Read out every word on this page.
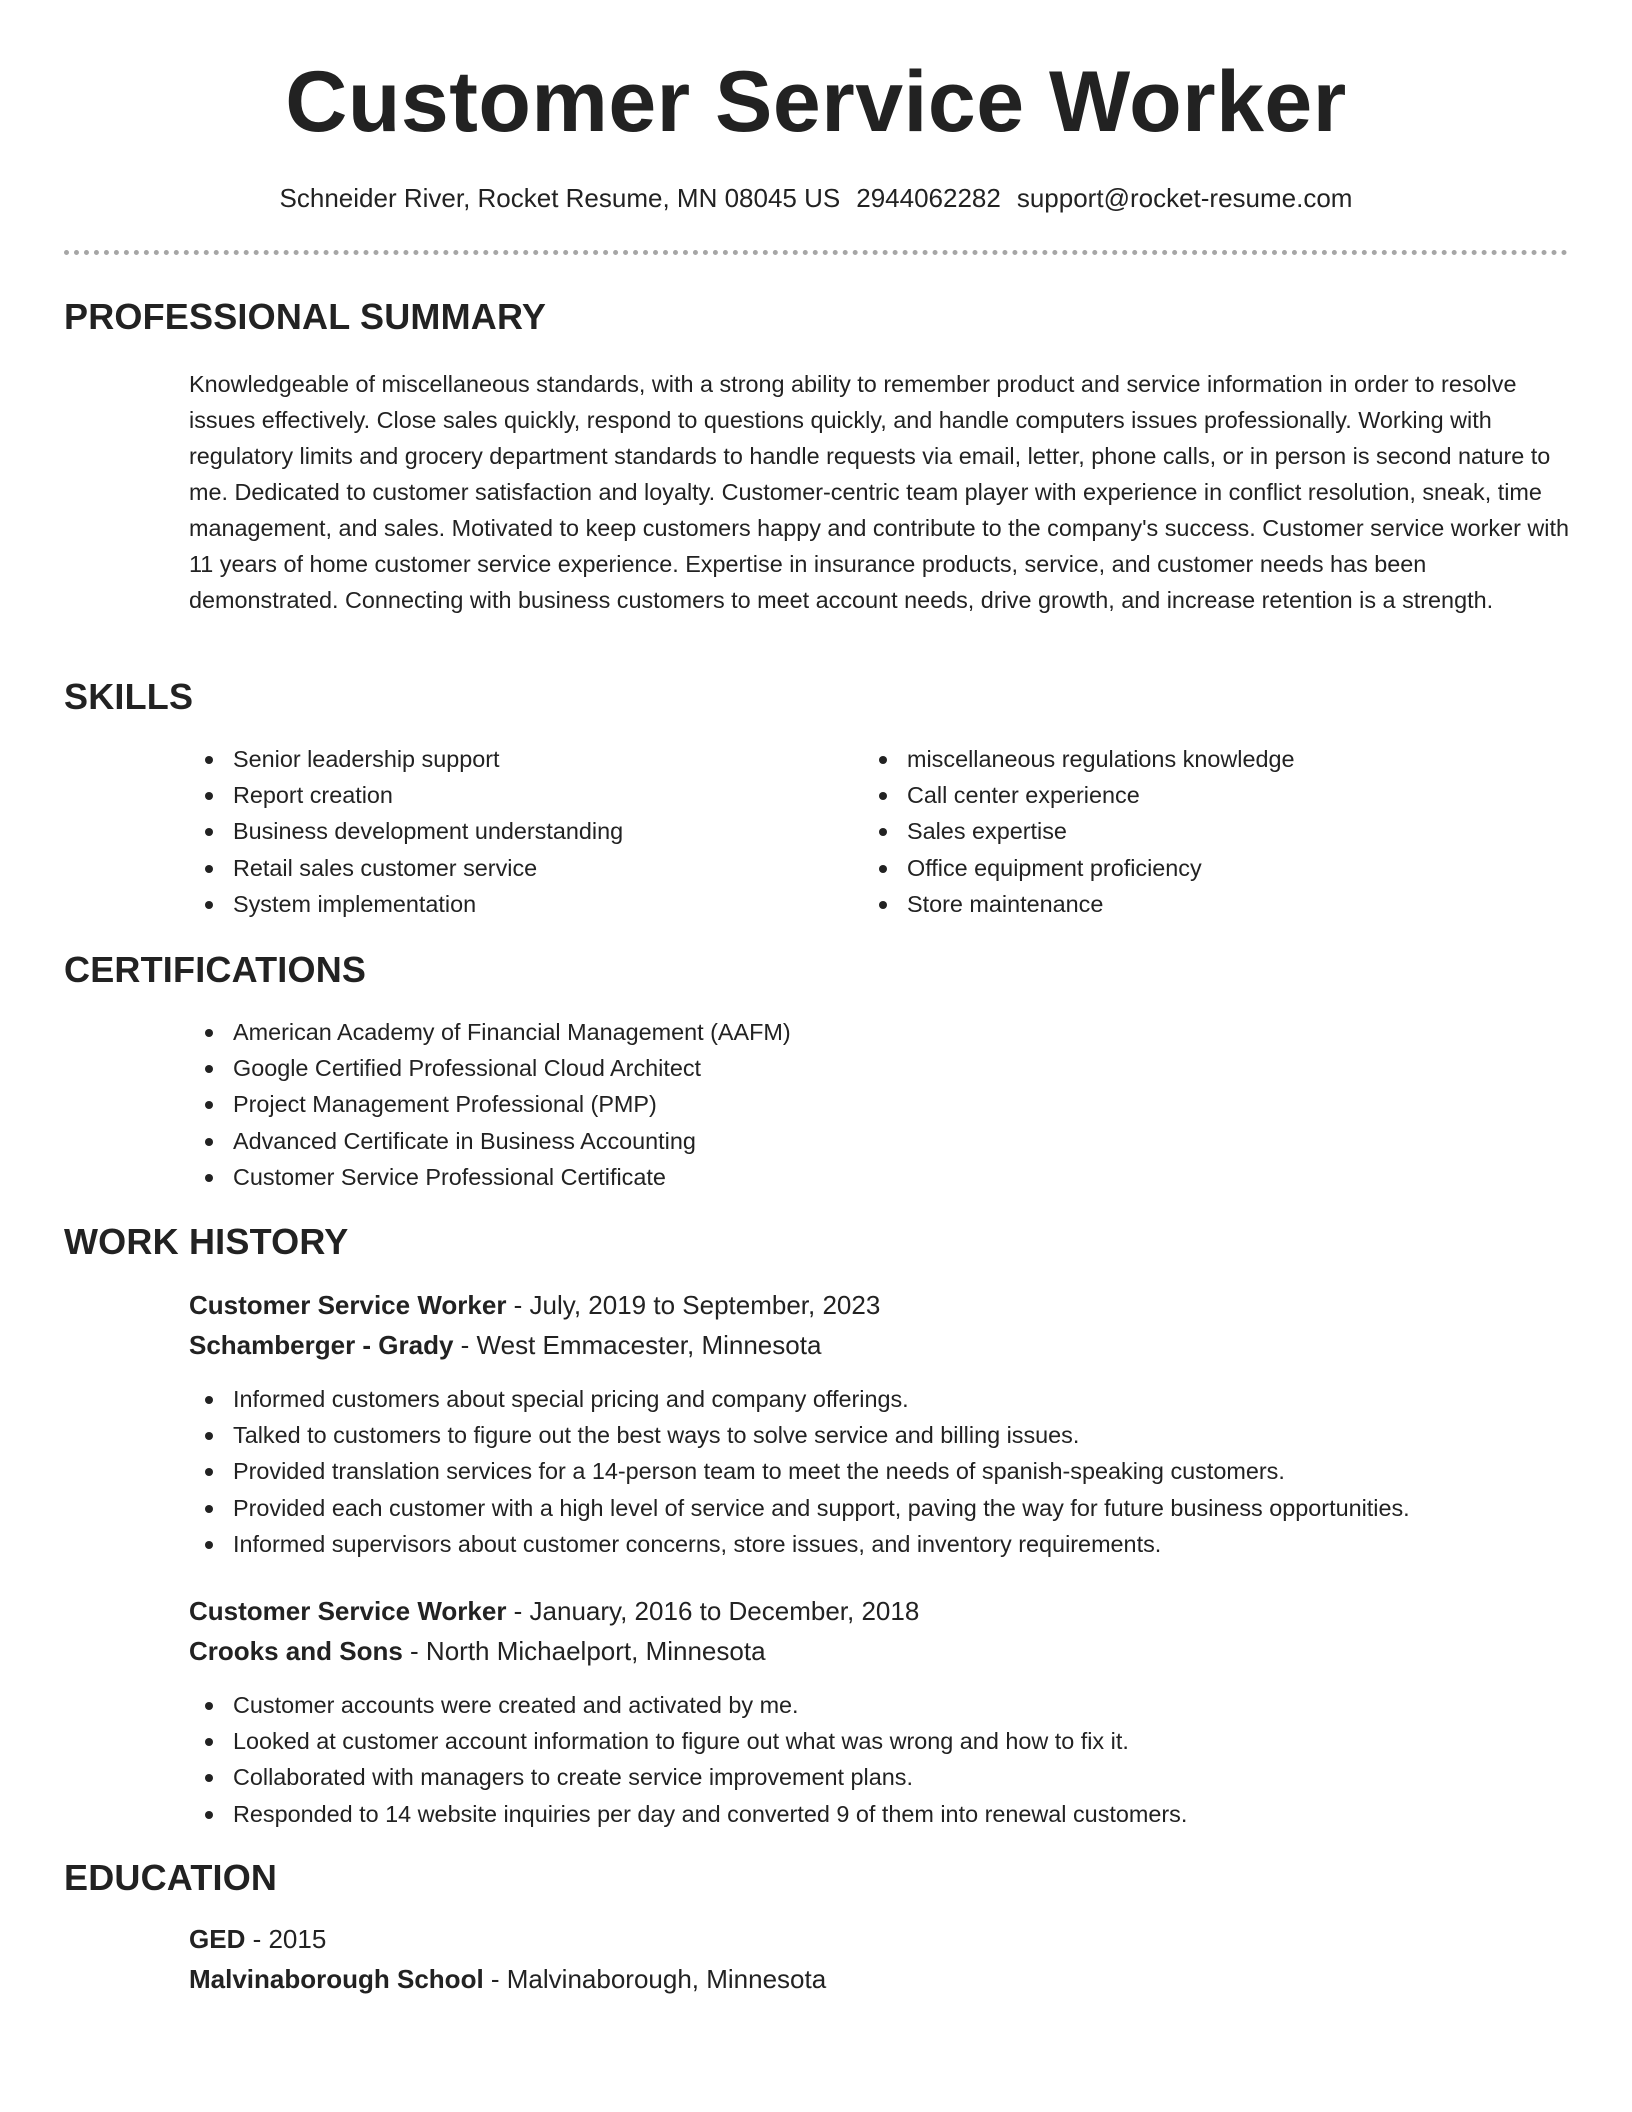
Customer Service Worker
Schneider River, Rocket Resume, MN 08045 US 2944062282 support@rocket-resume.com
PROFESSIONAL SUMMARY

Knowledgeable of miscellaneous standards, with a strong ability to remember product and service information in order to resolve issues effectively. Close sales quickly, respond to questions quickly, and handle computers issues professionally. Working with regulatory limits and grocery department standards to handle requests via email, letter, phone calls, or in person is second nature to me. Dedicated to customer satisfaction and loyalty. Customer-centric team player with experience in conflict resolution, sneak, time management, and sales. Motivated to keep customers happy and contribute to the company's success. Customer service worker with 11 years of home customer service experience. Expertise in insurance products, service, and customer needs has been demonstrated. Connecting with business customers to meet account needs, drive growth, and increase retention is a strength.

SKILLS
Senior leadership support
Report creation
Business development understanding
Retail sales customer service
System implementation
miscellaneous regulations knowledge
Call center experience
Sales expertise
Office equipment proficiency
Store maintenance
CERTIFICATIONS
American Academy of Financial Management (AAFM)
Google Certified Professional Cloud Architect
Project Management Professional (PMP)
Advanced Certificate in Business Accounting
Customer Service Professional Certificate
WORK HISTORY
Customer Service Worker - July, 2019 to September, 2023
Schamberger - Grady - West Emmacester, Minnesota
Informed customers about special pricing and company offerings.
Talked to customers to figure out the best ways to solve service and billing issues.
Provided translation services for a 14-person team to meet the needs of spanish-speaking customers.
Provided each customer with a high level of service and support, paving the way for future business opportunities.
Informed supervisors about customer concerns, store issues, and inventory requirements.
Customer Service Worker - January, 2016 to December, 2018
Crooks and Sons - North Michaelport, Minnesota
Customer accounts were created and activated by me.
Looked at customer account information to figure out what was wrong and how to fix it.
Collaborated with managers to create service improvement plans.
Responded to 14 website inquiries per day and converted 9 of them into renewal customers.
EDUCATION
GED - 2015
Malvinaborough School - Malvinaborough, Minnesota
